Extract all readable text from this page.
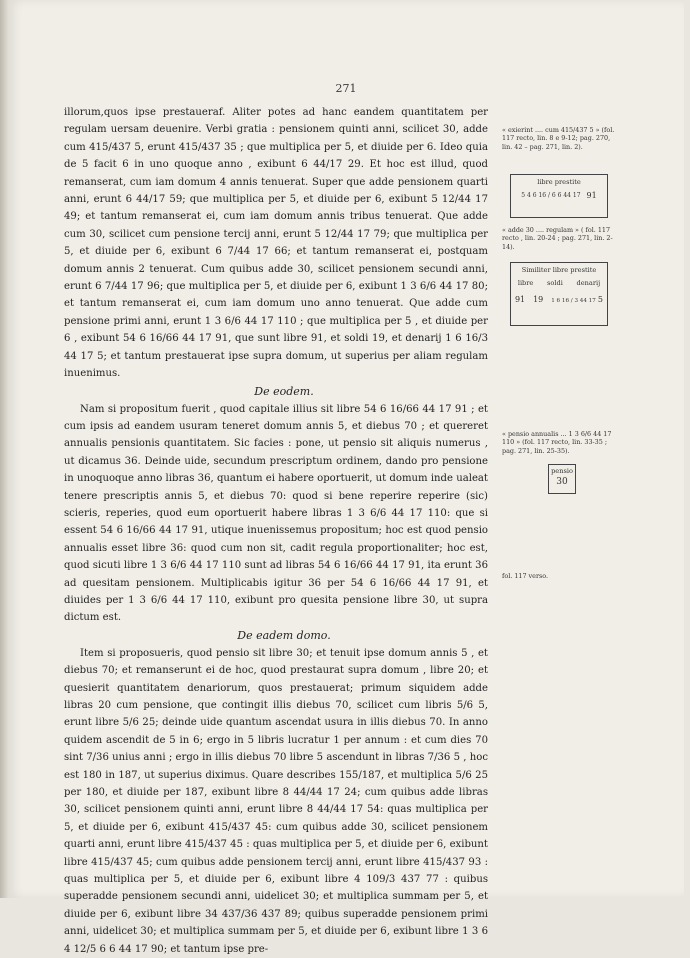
271

illorum,quos ipse prestaueraf. Aliter potes ad hanc eandem quantitatem per regulam uersam deuenire. Verbi gratia : pensionem quinti anni, scilicet 30, adde cum 415/437 5, erunt 415/437 35 ; que multiplica per 5, et diuide per 6. Ideo quia de 5 facit 6 in uno quoque anno , exibunt 6 44/17 29. Et hoc est illud, quod remanserat, cum iam domum 4 annis tenuerat. Super que adde pensionem quarti anni, erunt 6 44/17 59; que multiplica per 5, et diuide per 6, exibunt 5 12/44 17 49; et tantum remanserat ei, cum iam domum annis tribus tenuerat. Que adde cum 30, scilicet cum pensione tercij anni, erunt 5 12/44 17 79; que multiplica per 5, et diuide per 6, exibunt 6 7/44 17 66; et tantum remanserat ei, postquam domum annis 2 tenuerat. Cum quibus adde 30, scilicet pensionem secundi anni, erunt 6 7/44 17 96; que multiplica per 5, et diuide per 6, exibunt 1 3 6/6 44 17 80; et tantum remanserat ei, cum iam domum uno anno tenuerat. Que adde cum pensione primi anni, erunt 1 3 6/6 44 17 110 ; que multiplica per 5 , et diuide per 6 , exibunt 54 6 16/66 44 17 91, que sunt libre 91, et soldi 19, et denarij 1 6 16/3 44 17 5; et tantum prestauerat ipse supra domum, ut superius per aliam regulam inuenimus.

De eodem.

Nam si propositum fuerit , quod capitale illius sit libre 54 6 16/66 44 17 91 ; et cum ipsis ad eandem usuram teneret domum annis 5, et diebus 70 ; et quereret annualis pensionis quantitatem. Sic facies : pone, ut pensio sit aliquis numerus , ut dicamus 36. Deinde uide, secundum prescriptum ordinem, dando pro pensione in unoquoque anno libras 36, quantum ei habere oportuerit, ut domum inde ualeat tenere prescriptis annis 5, et diebus 70: quod si bene reperire reperire (sic) scieris, reperies, quod eum oportuerit habere libras 1 3 6/6 44 17 110: que si essent 54 6 16/66 44 17 91, utique inuenissemus propositum; hoc est quod pensio annualis esset libre 36: quod cum non sit, cadit regula proportionaliter; hoc est, quod sicuti libre 1 3 6/6 44 17 110 sunt ad libras 54 6 16/66 44 17 91, ita erunt 36 ad quesitam pensionem. Multiplicabis igitur 36 per 54 6 16/66 44 17 91, et diuides per 1 3 6/6 44 17 110, exibunt pro quesita pensione libre 30, ut supra dictum est.

De eadem domo.

Item si proposueris, quod pensio sit libre 30; et tenuit ipse domum annis 5 , et diebus 70; et remanserunt ei de hoc, quod prestaurat supra domum , libre 20; et quesierit quantitatem denariorum, quos prestauerat; primum siquidem adde libras 20 cum pensione, que contingit illis diebus 70, scilicet cum libris 5/6 5, erunt libre 5/6 25; deinde uide quantum ascendat usura in illis diebus 70. In anno quidem ascendit de 5 in 6; ergo in 5 libris lucratur 1 per annum : et cum dies 70 sint 7/36 unius anni ; ergo in illis diebus 70 libre 5 ascendunt in libras 7/36 5 , hoc est 180 in 187, ut superius diximus. Quare describes 155/187, et multiplica 5/6 25 per 180, et diuide per 187, exibunt libre 8 44/44 17 24; cum quibus adde libras 30, scilicet pensionem quinti anni, erunt libre 8 44/44 17 54: quas multiplica per 5, et diuide per 6, exibunt 415/437 45: cum quibus adde 30, scilicet pensionem quarti anni, erunt libre 415/437 45 : quas multiplica per 5, et diuide per 6, exibunt libre 415/437 45; cum quibus adde pensionem tercij anni, erunt libre 415/437 93 : quas multiplica per 5, et diuide per 6, exibunt libre 4 109/3 437 77 : quibus superadde pensionem secundi anni, uidelicet 30; et multiplica summam per 5, et diuide per 6, exibunt libre 34 437/36 437 89; quibus superadde pensionem primi anni, uidelicet 30; et multiplica summam per 5, et diuide per 6, exibunt libre 1 3 6 4 12/5 6 6 44 17 90; et tantum ipse pre-

« exierint .... cum 415/437 5 » (fol. 117 recto, lin. 8 e 9-12; pag. 270, lin. 42 – pag. 271, lin. 2).
libre prestite
5 4 6 16 / 6 6 44 17 91
« adde 30 .... regulam » ( fol. 117 recto , lin. 20-24 ; pag. 271, lin. 2-14).
Similiter libre prestite
libre soldi denarij
91 19 1 6 16 / 3 44 17 5
« pensio annualis ... 1 3 6/6 44 17 110 » (fol. 117 recto, lin. 33-35 ; pag. 271, lin. 25-35).
pensio
30
fol. 117 verso.
